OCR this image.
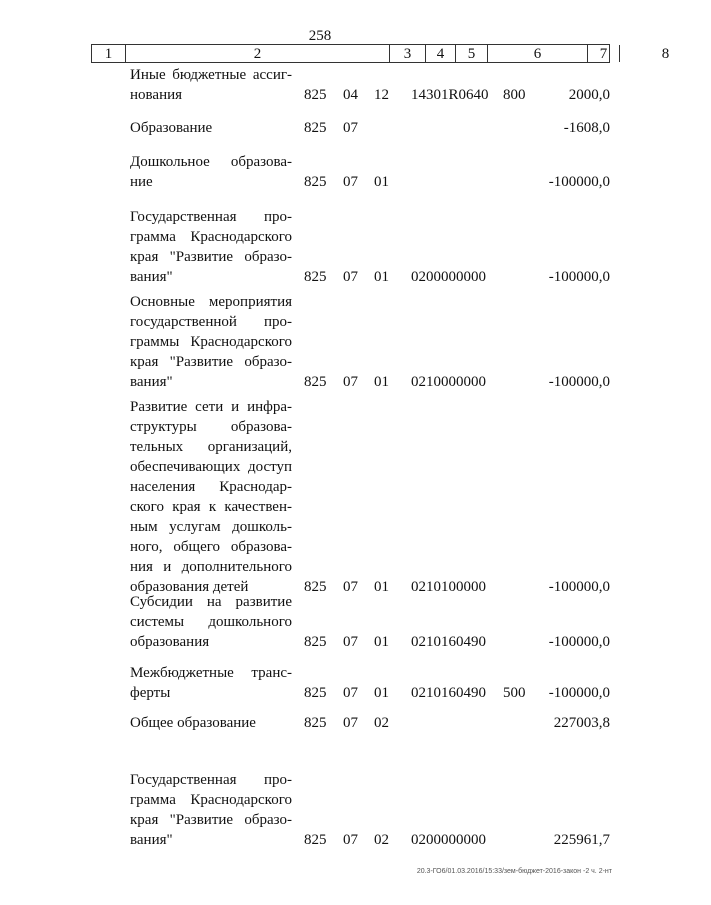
258
1	2	3	4	5	6	7	8
Иные бюджетные ассиг-
нования	825 04 12 14301R0640 800	2000,0
Образование	825 07	-1608,0
Дошкольное образова-
ние	825 07 01	-100000,0
Государственная про-
грамма Краснодарского
края "Развитие образо-
вания"	825 07 01 0200000000	-100000,0
Основные мероприятия
государственной про-
граммы Краснодарского
края "Развитие образо-
вания"	825 07 01 0210000000	-100000,0
Развитие сети и инфра-
структуры образова-
тельных организаций,
обеспечивающих доступ
населения Краснодар-
ского края к качествен-
ным услугам дошколь-
ного, общего образова-
ния и дополнительного
образования детей	825 07 01 0210100000	-100000,0
Субсидии на развитие
системы дошкольного
образования	825 07 01 0210160490	-100000,0
Межбюджетные транс-
ферты	825 07 01 0210160490 500 -100000,0
Общее образование	825 07 02	227003,8
Государственная про-
грамма Краснодарского
края "Развитие образо-
вания"	825 07 02 0200000000	225961,7
20.3-ГО6/01.03.2016/15:33/зем-бюджет-2016-закон -2 ч. 2-нт
